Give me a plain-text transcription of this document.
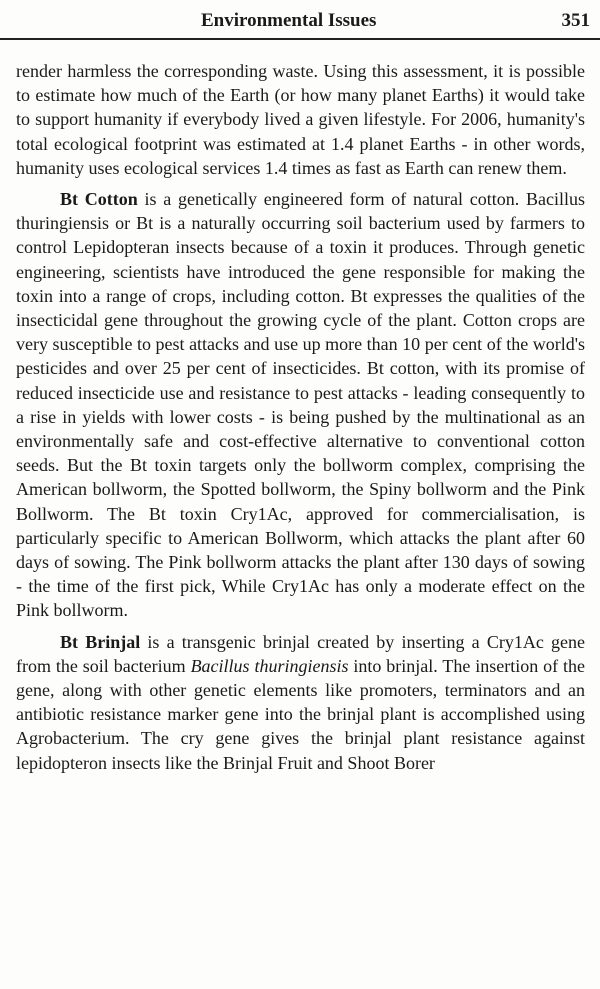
Environmental Issues	351

render harmless the corresponding waste. Using this assessment, it is possible to estimate how much of the Earth (or how many planet Earths) it would take to support humanity if everybody lived a given lifestyle. For 2006, humanity's total ecological footprint was estimated at 1.4 planet Earths - in other words, humanity uses ecological services 1.4 times as fast as Earth can renew them.

Bt Cotton is a genetically engineered form of natural cotton. Bacillus thuringiensis or Bt is a naturally occurring soil bacterium used by farmers to control Lepidopteran insects because of a toxin it produces. Through genetic engineering, scientists have introduced the gene responsible for making the toxin into a range of crops, including cotton. Bt expresses the qualities of the insecticidal gene throughout the growing cycle of the plant. Cotton crops are very susceptible to pest attacks and use up more than 10 per cent of the world's pesticides and over 25 per cent of insecticides. Bt cotton, with its promise of reduced insecticide use and resistance to pest attacks - leading consequently to a rise in yields with lower costs - is being pushed by the multinational as an environmentally safe and cost-effective alternative to conventional cotton seeds. But the Bt toxin targets only the bollworm complex, comprising the American bollworm, the Spotted bollworm, the Spiny bollworm and the Pink Bollworm. The Bt toxin Cry1Ac, approved for commercialisation, is particularly specific to American Bollworm, which attacks the plant after 60 days of sowing. The Pink bollworm attacks the plant after 130 days of sowing - the time of the first pick, While Cry1Ac has only a moderate effect on the Pink bollworm.

Bt Brinjal is a transgenic brinjal created by inserting a Cry1Ac gene from the soil bacterium Bacillus thuringiensis into brinjal. The insertion of the gene, along with other genetic elements like promoters, terminators and an antibiotic resistance marker gene into the brinjal plant is accomplished using Agrobacterium. The cry gene gives the brinjal plant resistance against lepidopteron insects like the Brinjal Fruit and Shoot Borer
